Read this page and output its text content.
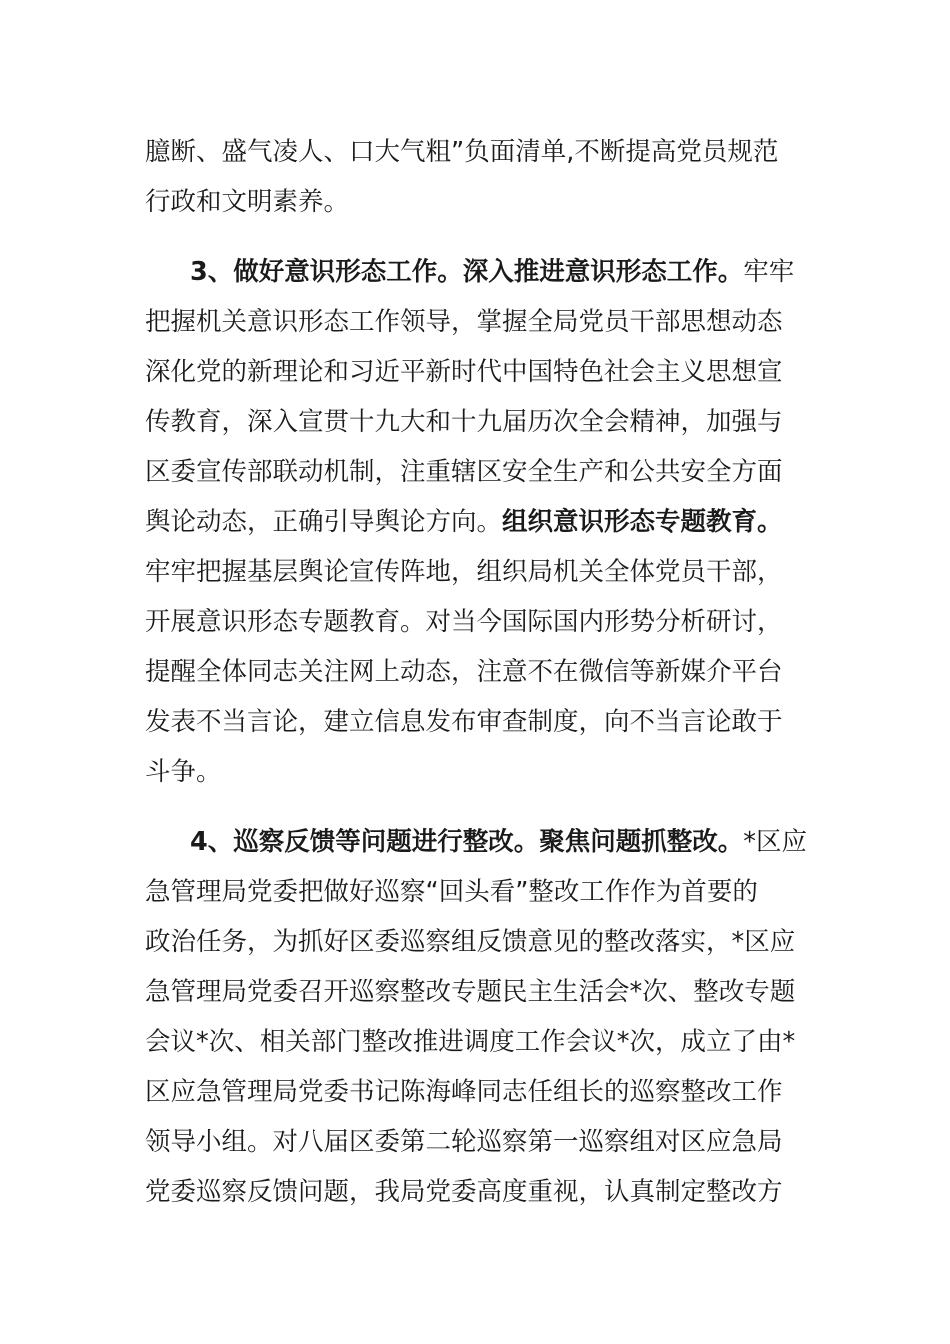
臆断、盛气凌人、口大气粗”负面清单,不断提高党员规范
行政和文明素养。

3、做好意识形态工作。深入推进意识形态工作。牢牢
把握机关意识形态工作领导，掌握全局党员干部思想动态
深化党的新理论和习近平新时代中国特色社会主义思想宣
传教育，深入宣贯十九大和十九届历次全会精神，加强与
区委宣传部联动机制，注重辖区安全生产和公共安全方面
舆论动态，正确引导舆论方向。组织意识形态专题教育。
牢牢把握基层舆论宣传阵地，组织局机关全体党员干部，
开展意识形态专题教育。对当今国际国内形势分析研讨，
提醒全体同志关注网上动态，注意不在微信等新媒介平台
发表不当言论，建立信息发布审查制度，向不当言论敢于
斗争。

4、巡察反馈等问题进行整改。聚焦问题抓整改。*区应
急管理局党委把做好巡察“回头看”整改工作作为首要的
政治任务，为抓好区委巡察组反馈意见的整改落实，*区应
急管理局党委召开巡察整改专题民主生活会*次、整改专题
会议*次、相关部门整改推进调度工作会议*次，成立了由*
区应急管理局党委书记陈海峰同志任组长的巡察整改工作
领导小组。对八届区委第二轮巡察第一巡察组对区应急局
党委巡察反馈问题，我局党委高度重视，认真制定整改方
